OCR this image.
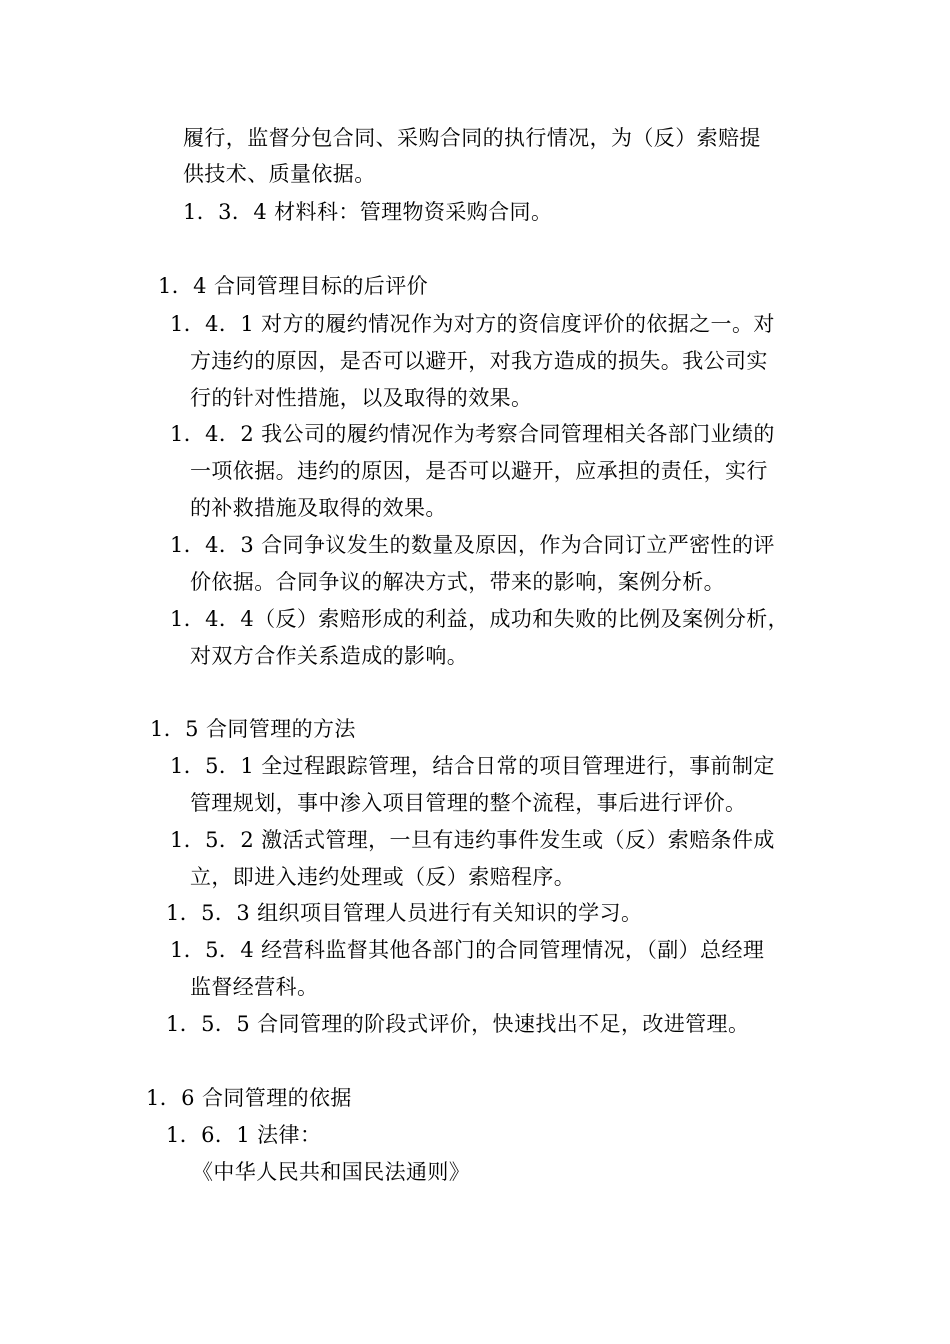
履行，监督分包合同、采购合同的执行情况，为（反）索赔提
供技术、质量依据。
1．3．4 材料科：管理物资采购合同。
1．4 合同管理目标的后评价
1．4．1 对方的履约情况作为对方的资信度评价的依据之一。对
方违约的原因，是否可以避开，对我方造成的损失。我公司实
行的针对性措施，以及取得的效果。
1．4．2 我公司的履约情况作为考察合同管理相关各部门业绩的
一项依据。违约的原因，是否可以避开，应承担的责任，实行
的补救措施及取得的效果。
1．4．3 合同争议发生的数量及原因，作为合同订立严密性的评
价依据。合同争议的解决方式，带来的影响，案例分析。
1．4．4（反）索赔形成的利益，成功和失败的比例及案例分析，
对双方合作关系造成的影响。
1．5 合同管理的方法
1．5．1 全过程跟踪管理，结合日常的项目管理进行，事前制定
管理规划，事中渗入项目管理的整个流程，事后进行评价。
1．5．2 激活式管理，一旦有违约事件发生或（反）索赔条件成
立，即进入违约处理或（反）索赔程序。
1．5．3 组织项目管理人员进行有关知识的学习。
1．5．4 经营科监督其他各部门的合同管理情况，（副）总经理
监督经营科。
1．5．5 合同管理的阶段式评价，快速找出不足，改进管理。
1．6 合同管理的依据
1．6．1 法律：
《中华人民共和国民法通则》
